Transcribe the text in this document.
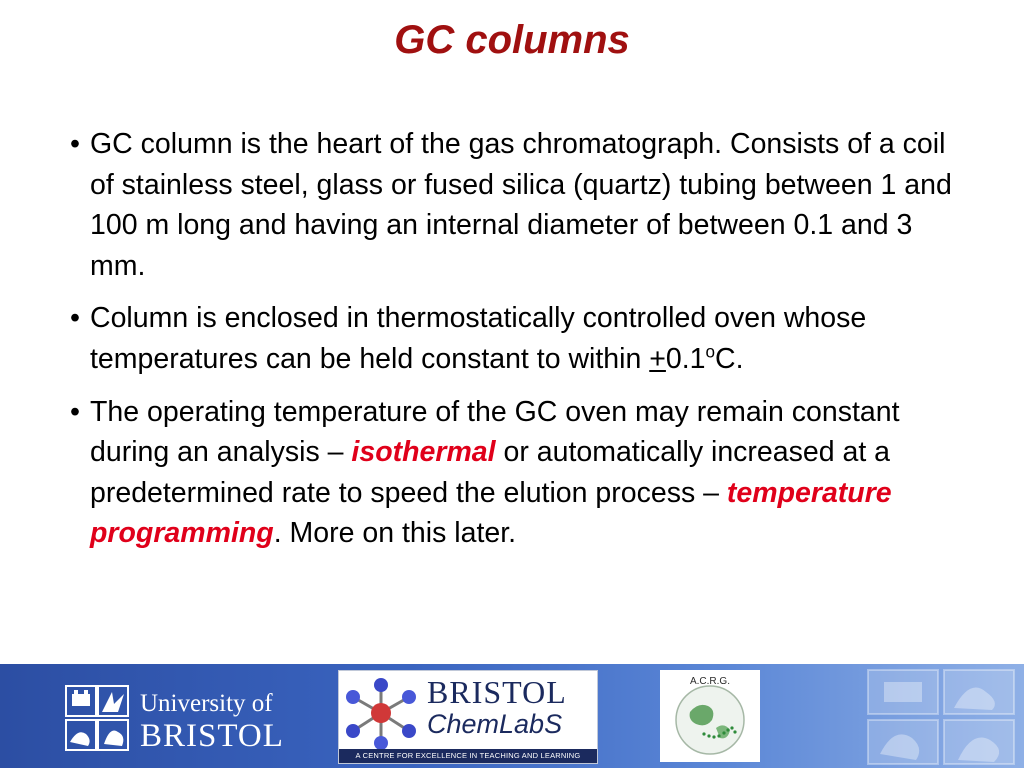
GC columns
• GC column is the heart of the gas chromatograph. Consists of a coil of stainless steel, glass or fused silica (quartz) tubing between 1 and 100 m long and having an internal diameter of between 0.1 and 3 mm.
• Column is enclosed in thermostatically controlled oven whose temperatures can be held constant to within $+0.1^oC$.
• The operating temperature of the GC oven may remain constant during an analysis – isothermal or automatically increased at a predetermined rate to speed the elution process – temperature programming. More on this later.
University of
BRISTOL
BRISTOL
ChemLabS
A CENTRE FOR EXCELLENCE IN TEACHING AND LEARNING
A.C.R.G.
